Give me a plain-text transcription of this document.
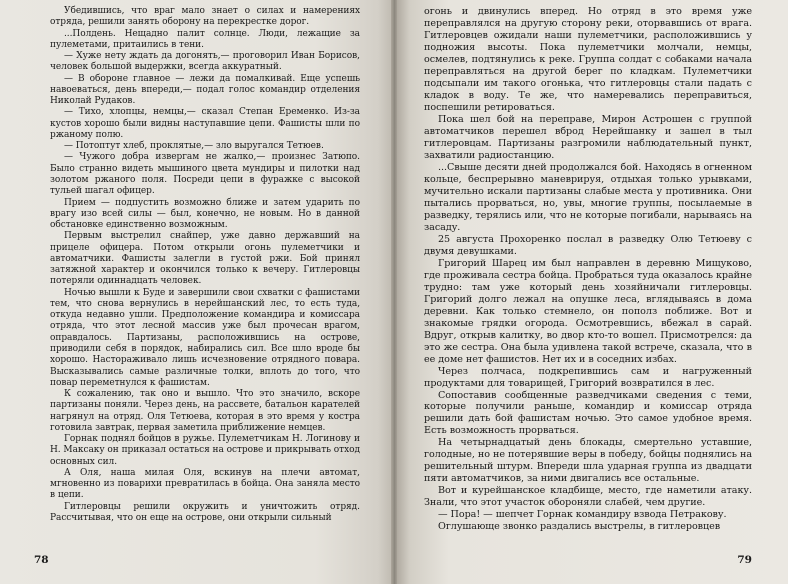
Убедившись, что враг мало знает о силах и намерениях отряда, решили занять оборону на перекрестке дорог.

...Полдень. Нещадно палит солнце. Люди, лежащие за пулеметами, притаились в тени.

— Хуже нету ждать да догонять,— проговорил Иван Борисов, человек большой выдержки, всегда аккуратный.

— В обороне главное — лежи да помалкивай. Еще успешь навоеваться, день впереди,— подал голос командир отделения Николай Рудаков.

— Тихо, хлопцы, немцы,— сказал Степан Еременко. Из-за кустов хорошо были видны наступавшие цепи. Фашисты шли по ржаному полю.

— Потоптут хлеб, проклятые,— зло выругался Тетюев.

— Чужого добра извергам не жалко,— произнес Затюпо. Было странно видеть мышиного цвета мундиры и пилотки над золотом ржаного поля. Посреди цепи в фуражке с высокой тульей шагал офицер.

Прием — подпустить возможно ближе и затем ударить по врагу изо всей силы — был, конечно, не новым. Но в данной обстановке единственно возможным.

Первым выстрелил снайпер, уже давно державший на прицеле офицера. Потом открыли огонь пулеметчики и автоматчики. Фашисты залегли в густой ржи. Бой принял затяжной характер и окончился только к вечеру. Гитлеровцы потеряли одиннадцать человек.

Ночью вышли к Буде и завершили свои схватки с фашистами тем, что снова вернулись в нерейшанский лес, то есть туда, откуда недавно ушли. Предположение командира и комиссара отряда, что этот лесной массив уже был прочесан врагом, оправдалось. Партизаны, расположившись на острове, приводили себя в порядок, набирались сил. Все шло вроде бы хорошо. Настораживало лишь исчезновение отрядного повара. Высказывались самые различные толки, вплоть до того, что повар переметнулся к фашистам.

К сожалению, так оно и вышло. Что это значило, вскоре партизаны поняли. Через день, на рассвете, батальон карателей нагрянул на отряд. Оля Тетюева, которая в это время у костра готовила завтрак, первая заметила приближение немцев.

Горнак поднял бойцов в ружье. Пулеметчикам Н. Логинову и Н. Максаку он приказал остаться на острове и прикрывать отход основных сил.

А Оля, наша милая Оля, вскинув на плечи автомат, мгновенно из поварихи превратилась в бойца. Она заняла место в цепи.

Гитлеровцы решили окружить и уничтожить отряд. Рассчитывая, что он еще на острове, они открыли сильный

78

огонь и двинулись вперед. Но отряд в это время уже переправлялся на другую сторону реки, оторвавшись от врага. Гитлеровцев ожидали наши пулеметчики, расположившись у подножия высоты. Пока пулеметчики молчали, немцы, осмелев, подтянулись к реке. Группа солдат с собаками начала переправляться на другой берег по кладкам. Пулеметчики подсыпали им такого огонька, что гитлеровцы стали падать с кладок в воду. Те же, что намеревались переправиться, поспешили ретироваться.

Пока шел бой на переправе, Мирон Астрошен с группой автоматчиков перешел вброд Нерейшанку и зашел в тыл гитлеровцам. Партизаны разгромили наблюдательный пункт, захватили радиостанцию.

...Свыше десяти дней продолжался бой. Находясь в огненном кольце, беспрерывно маневрируя, отдыхая только урывками, мучительно искали партизаны слабые места у противника. Они пытались прорваться, но, увы, многие группы, посылаемые в разведку, терялись или, что не которые погибали, нарываясь на засаду.

25 августа Прохоренко послал в разведку Олю Тетюеву с двумя девушками.

Григорий Шарец им был направлен в деревню Мищуково, где проживала сестра бойца. Пробраться туда оказалось крайне трудно: там уже который день хозяйничали гитлеровцы. Григорий долго лежал на опушке леса, вглядываясь в дома деревни. Как только стемнело, он пополз поближе. Вот и знакомые грядки огорода. Осмотревшись, вбежал в сарай. Вдруг, открыв калитку, во двор кто-то вошел. Присмотрелся: да это же сестра. Она была удивлена такой встрече, сказала, что в ее доме нет фашистов. Нет их и в соседних избах.

Через полчаса, подкрепившись сам и нагруженный продуктами для товарищей, Григорий возвратился в лес.

Сопоставив сообщенные разведчиками сведения с теми, которые получили раньше, командир и комиссар отряда решили дать бой фашистам ночью. Это самое удобное время. Есть возможность прорваться.

На четырнадцатый день блокады, смертельно уставшие, голодные, но не потерявшие веры в победу, бойцы поднялись на решительный штурм. Впереди шла ударная группа из двадцати пяти автоматчиков, за ними двигались все остальные.

Вот и курейшанское кладбище, место, где наметили атаку. Знали, что этот участок обороняли слабей, чем другие.

— Пора! — шепчет Горнак командиру взвода Петракову.

Оглушающе звонко раздались выстрелы, в гитлеровцев

79
